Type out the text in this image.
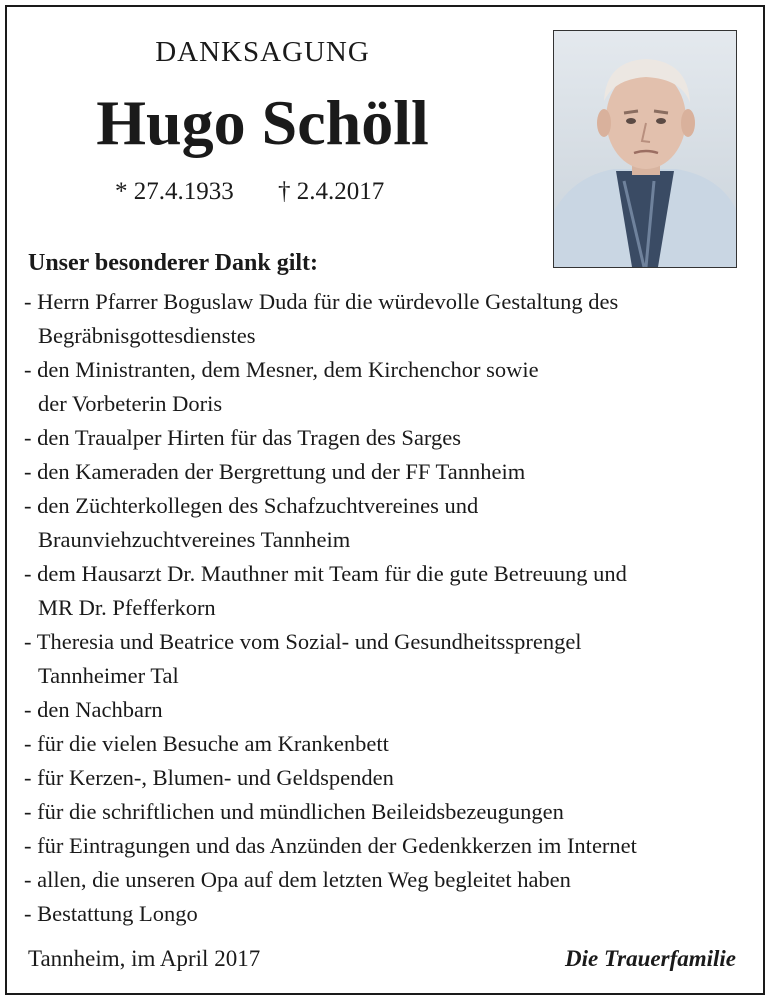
DANKSAGUNG
Hugo Schöll
* 27.4.1933 † 2.4.2017
Unser besonderer Dank gilt:
- Herrn Pfarrer Boguslaw Duda für die würdevolle Gestaltung des
Begräbnisgottesdienstes
- den Ministranten, dem Mesner, dem Kirchenchor sowie
der Vorbeterin Doris
- den Traualper Hirten für das Tragen des Sarges
- den Kameraden der Bergrettung und der FF Tannheim
- den Züchterkollegen des Schafzuchtvereines und
Braunviehzuchtvereines Tannheim
- dem Hausarzt Dr. Mauthner mit Team für die gute Betreuung und
MR Dr. Pfefferkorn
- Theresia und Beatrice vom Sozial- und Gesundheitssprengel
Tannheimer Tal
- den Nachbarn
- für die vielen Besuche am Krankenbett
- für Kerzen-, Blumen- und Geldspenden
- für die schriftlichen und mündlichen Beileidsbezeugungen
- für Eintragungen und das Anzünden der Gedenkkerzen im Internet
- allen, die unseren Opa auf dem letzten Weg begleitet haben
- Bestattung Longo
Tannheim, im April 2017	Die Trauerfamilie
